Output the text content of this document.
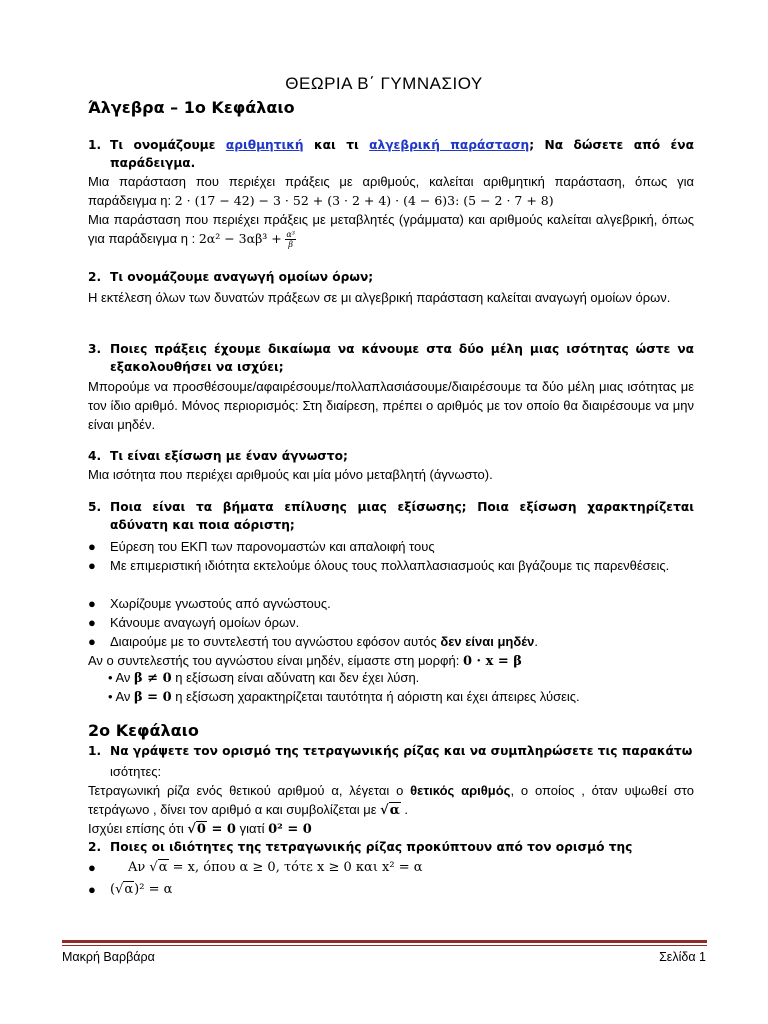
ΘΕΩΡΙΑ Β΄ ΓΥΜΝΑΣΙΟΥ
Άλγεβρα – 1ο Κεφάλαιο
1. Τι ονομάζουμε αριθμητική και τι αλγεβρική παράσταση; Να δώσετε από ένα παράδειγμα.
Μια παράσταση που περιέχει πράξεις με αριθμούς, καλείται αριθμητική παράσταση, όπως για παράδειγμα η: 2 · (17 − 42) − 3 · 52 + (3 · 2 + 4) · (4 − 6)3: (5 − 2 · 7 + 8)
Μια παράσταση που περιέχει πράξεις με μεταβλητές (γράμματα) και αριθμούς καλείται αλγεβρική, όπως για παράδειγμα η : $2\alpha^2 - 3\alpha\beta^3 + \frac{\text{α³}}{\beta}$
2. Τι ονομάζουμε αναγωγή ομοίων όρων;
Η εκτέλεση όλων των δυνατών πράξεων σε μι αλγεβρική παράσταση καλείται αναγωγή ομοίων όρων.
3. Ποιες πράξεις έχουμε δικαίωμα να κάνουμε στα δύο μέλη μιας ισότητας ώστε να εξακολουθήσει να ισχύει;
Μπορούμε να προσθέσουμε/αφαιρέσουμε/πολλαπλασιάσουμε/διαιρέσουμε τα δύο μέλη μιας ισότητας με τον ίδιο αριθμό. Μόνος περιορισμός: Στη διαίρεση, πρέπει ο αριθμός με τον οποίο θα διαιρέσουμε να μην είναι μηδέν.
4. Τι είναι εξίσωση με έναν άγνωστο;
Μια ισότητα που περιέχει αριθμούς και μία μόνο μεταβλητή (άγνωστο).
5. Ποια είναι τα βήματα επίλυσης μιας εξίσωσης; Ποια εξίσωση χαρακτηρίζεται αδύνατη και ποια αόριστη;
●	Εύρεση του ΕΚΠ των παρονομαστών και απαλοιφή τους
●	Με επιμεριστική ιδιότητα εκτελούμε όλους τους πολλαπλασιασμούς και βγάζουμε τις παρενθέσεις.
●	Χωρίζουμε γνωστούς από αγνώστους.
●	Κάνουμε αναγωγή ομοίων όρων.
●	Διαιρούμε με το συντελεστή του αγνώστου εφόσον αυτός δεν είναι μηδέν.
Αν ο συντελεστής του αγνώστου είναι μηδέν, είμαστε στη μορφή: 0 · x = β
• Αν β ≠ 0 η εξίσωση είναι αδύνατη και δεν έχει λύση.
• Αν β = 0 η εξίσωση χαρακτηρίζεται ταυτότητα ή αόριστη και έχει άπειρες λύσεις.
2ο Κεφάλαιο
1. Να γράψετε τον ορισμό της τετραγωνικής ρίζας και να συμπληρώσετε τις παρακάτω
ισότητες:
Τετραγωνική ρίζα ενός θετικού αριθμού α, λέγεται ο θετικός αριθμός, ο οποίος , όταν υψωθεί στο τετράγωνο , δίνει τον αριθμό α και συμβολίζεται με √α .
Ισχύει επίσης ότι √0 = 0 γιατί 0² = 0
2. Ποιες οι ιδιότητες της τετραγωνικής ρίζας προκύπτουν από τον ορισμό της
●	Αν √α = x, όπου α ≥ 0, τότε x ≥ 0 και x² = α
●	(√α)² = α
Μακρή Βαρβάρα	Σελίδα 1
